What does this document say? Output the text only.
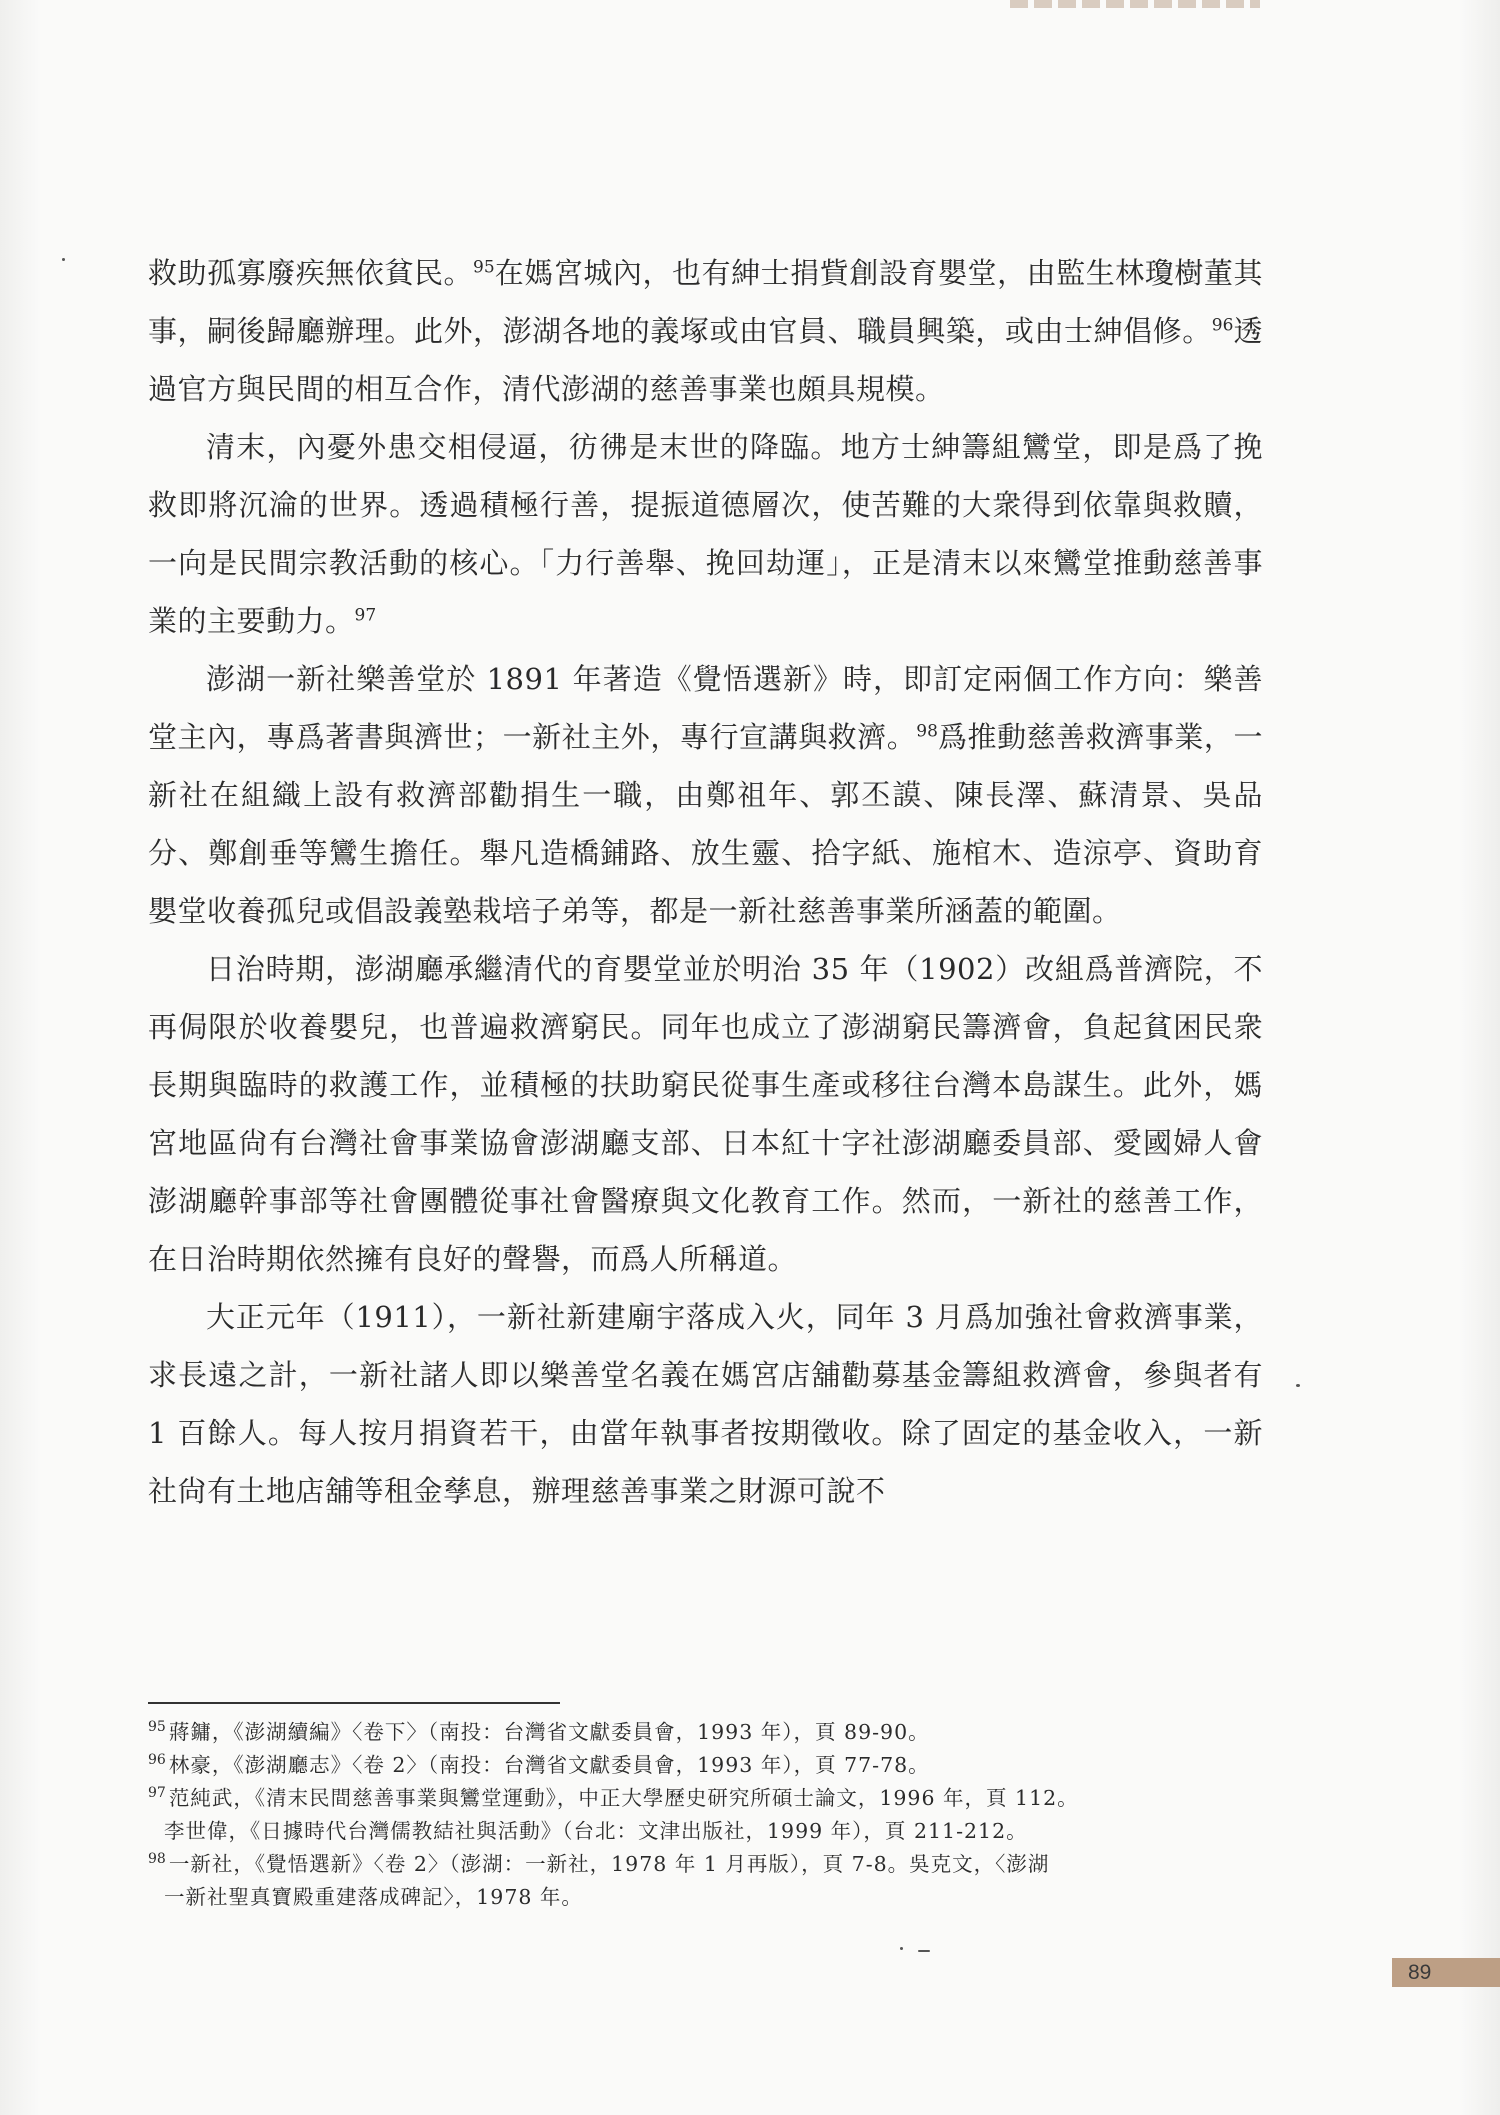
救助孤寡廢疾無依貧民。$^{95}$在媽宮城內，也有紳士捐貲創設育嬰堂，由監生林瓊樹董其事，嗣後歸廳辦理。此外，澎湖各地的義塚或由官員、職員興築，或由士紳倡修。$^{96}$透過官方與民間的相互合作，清代澎湖的慈善事業也頗具規模。

清末，內憂外患交相侵逼，彷彿是末世的降臨。地方士紳籌組鸞堂，即是爲了挽救即將沉淪的世界。透過積極行善，提振道德層次，使苦難的大衆得到依靠與救贖，一向是民間宗教活動的核心。「力行善舉、挽回劫運」，正是清末以來鸞堂推動慈善事業的主要動力。$^{97}$

澎湖一新社樂善堂於 1891 年著造《覺悟選新》時，即訂定兩個工作方向：樂善堂主內，專爲著書與濟世；一新社主外，專行宣講與救濟。$^{98}$爲推動慈善救濟事業，一新社在組織上設有救濟部勸捐生一職，由鄭祖年、郭丕謨、陳長澤、蘇清景、吳品分、鄭創垂等鸞生擔任。舉凡造橋鋪路、放生靈、拾字紙、施棺木、造涼亭、資助育嬰堂收養孤兒或倡設義塾栽培子弟等，都是一新社慈善事業所涵蓋的範圍。

日治時期，澎湖廳承繼清代的育嬰堂並於明治 35 年（1902）改組爲普濟院，不再侷限於收養嬰兒，也普遍救濟窮民。同年也成立了澎湖窮民籌濟會，負起貧困民衆長期與臨時的救護工作，並積極的扶助窮民從事生產或移往台灣本島謀生。此外，媽宮地區尙有台灣社會事業協會澎湖廳支部、日本紅十字社澎湖廳委員部、愛國婦人會澎湖廳幹事部等社會團體從事社會醫療與文化教育工作。然而，一新社的慈善工作，在日治時期依然擁有良好的聲譽，而爲人所稱道。

大正元年（1911），一新社新建廟宇落成入火，同年 3 月爲加強社會救濟事業，求長遠之計，一新社諸人即以樂善堂名義在媽宮店舖勸募基金籌組救濟會，參與者有 1 百餘人。每人按月捐資若干，由當年執事者按期徵收。除了固定的基金收入，一新社尙有土地店舖等租金孳息，辦理慈善事業之財源可說不

$^{95}$ 蔣鏞，《澎湖續編》〈卷下〉（南投：台灣省文獻委員會，1993 年），頁 89-90。

$^{96}$ 林豪，《澎湖廳志》〈卷 2〉（南投：台灣省文獻委員會，1993 年），頁 77-78。

$^{97}$ 范純武，《清末民間慈善事業與鸞堂運動》，中正大學歷史研究所碩士論文，1996 年，頁 112。
李世偉，《日據時代台灣儒教結社與活動》（台北：文津出版社，1999 年），頁 211-212。

$^{98}$ 一新社，《覺悟選新》〈卷 2〉（澎湖：一新社，1978 年 1 月再版），頁 7-8。吳克文，〈澎湖
一新社聖真寶殿重建落成碑記〉，1978 年。

89
